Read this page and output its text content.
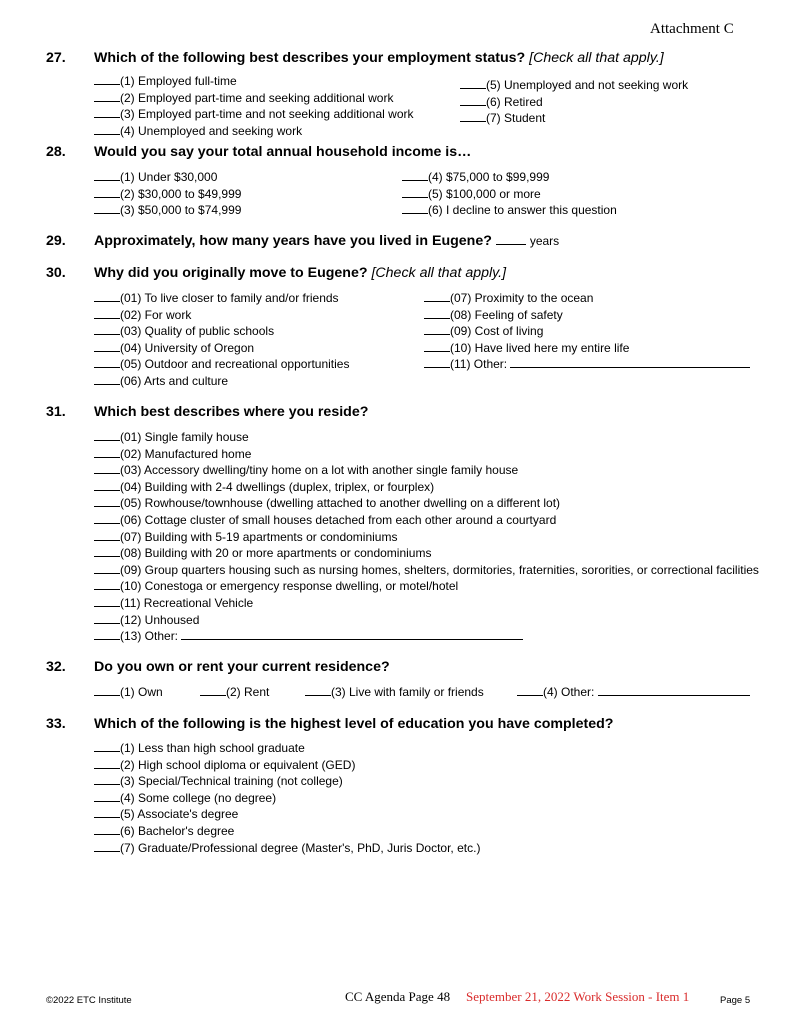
Attachment C
27. Which of the following best describes your employment status? [Check all that apply.]
(1) Employed full-time
(2) Employed part-time and seeking additional work
(3) Employed part-time and not seeking additional work
(4) Unemployed and seeking work
(5) Unemployed and not seeking work
(6) Retired
(7) Student
28. Would you say your total annual household income is…
(1) Under $30,000
(2) $30,000 to $49,999
(3) $50,000 to $74,999
(4) $75,000 to $99,999
(5) $100,000 or more
(6) I decline to answer this question
29. Approximately, how many years have you lived in Eugene?	years
30. Why did you originally move to Eugene? [Check all that apply.]
(01) To live closer to family and/or friends
(02) For work
(03) Quality of public schools
(04) University of Oregon
(05) Outdoor and recreational opportunities
(06) Arts and culture
(07) Proximity to the ocean
(08) Feeling of safety
(09) Cost of living
(10) Have lived here my entire life
(11) Other:
31. Which best describes where you reside?
(01) Single family house
(02) Manufactured home
(03) Accessory dwelling/tiny home on a lot with another single family house
(04) Building with 2-4 dwellings (duplex, triplex, or fourplex)
(05) Rowhouse/townhouse (dwelling attached to another dwelling on a different lot)
(06) Cottage cluster of small houses detached from each other around a courtyard
(07) Building with 5-19 apartments or condominiums
(08) Building with 20 or more apartments or condominiums
(09) Group quarters housing such as nursing homes, shelters, dormitories, fraternities, sororities, or correctional facilities
(10) Conestoga or emergency response dwelling, or motel/hotel
(11) Recreational Vehicle
(12) Unhoused
(13) Other:
32. Do you own or rent your current residence?
(1) Own	(2) Rent	(3) Live with family or friends	(4) Other:
33. Which of the following is the highest level of education you have completed?
(1) Less than high school graduate
(2) High school diploma or equivalent (GED)
(3) Special/Technical training (not college)
(4) Some college (no degree)
(5) Associate's degree
(6) Bachelor's degree
(7) Graduate/Professional degree (Master's, PhD, Juris Doctor, etc.)
©2022 ETC Institute	CC Agenda Page 48 September 21, 2022 Work Session - Item 1	Page 5
